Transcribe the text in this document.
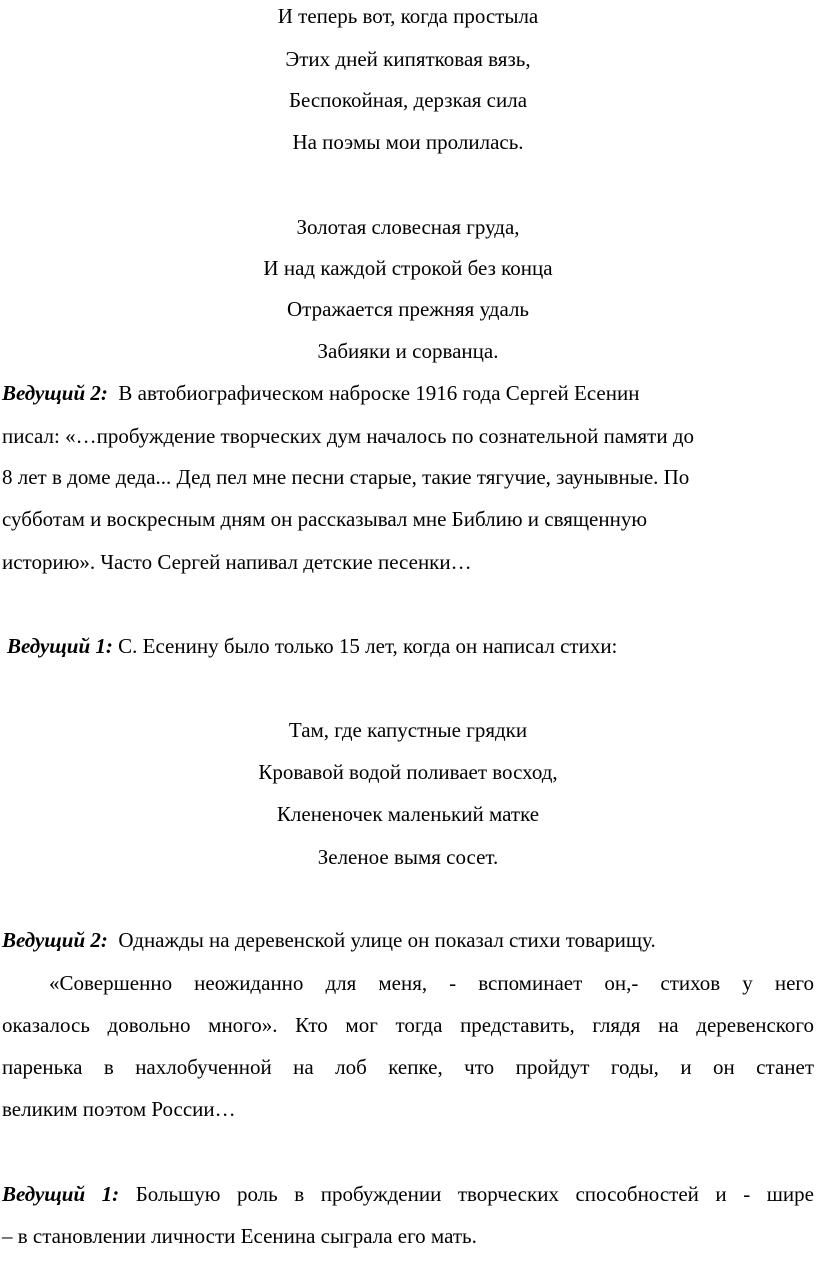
И теперь вот, когда простыла
Этих дней кипятковая вязь,
Беспокойная, дерзкая сила
На поэмы мои пролилась.
Золотая словесная груда,
И над каждой строкой без конца
Отражается прежняя удаль
Забияки и сорванца.
Ведущий 2: В автобиографическом наброске 1916 года Сергей Есенин
писал: «…пробуждение творческих дум началось по сознательной памяти до
8 лет в доме деда... Дед пел мне песни старые, такие тягучие, заунывные. По
субботам и воскресным дням он рассказывал мне Библию и священную
историю». Часто Сергей напивал детские песенки…
Ведущий 1: С. Есенину было только 15 лет, когда он написал стихи:
Там, где капустные грядки
Кровавой водой поливает восход,
Клененочек маленький матке
Зеленое вымя сосет.
Ведущий 2: Однажды на деревенской улице он показал стихи товарищу.
«Совершенно неожиданно для меня, - вспоминает он,- стихов у него
оказалось довольно много». Кто мог тогда представить, глядя на деревенского
паренька в нахлобученной на лоб кепке, что пройдут годы, и он станет
великим поэтом России…
Ведущий 1: Большую роль в пробуждении творческих способностей и - шире
– в становлении личности Есенина сыграла его мать.
